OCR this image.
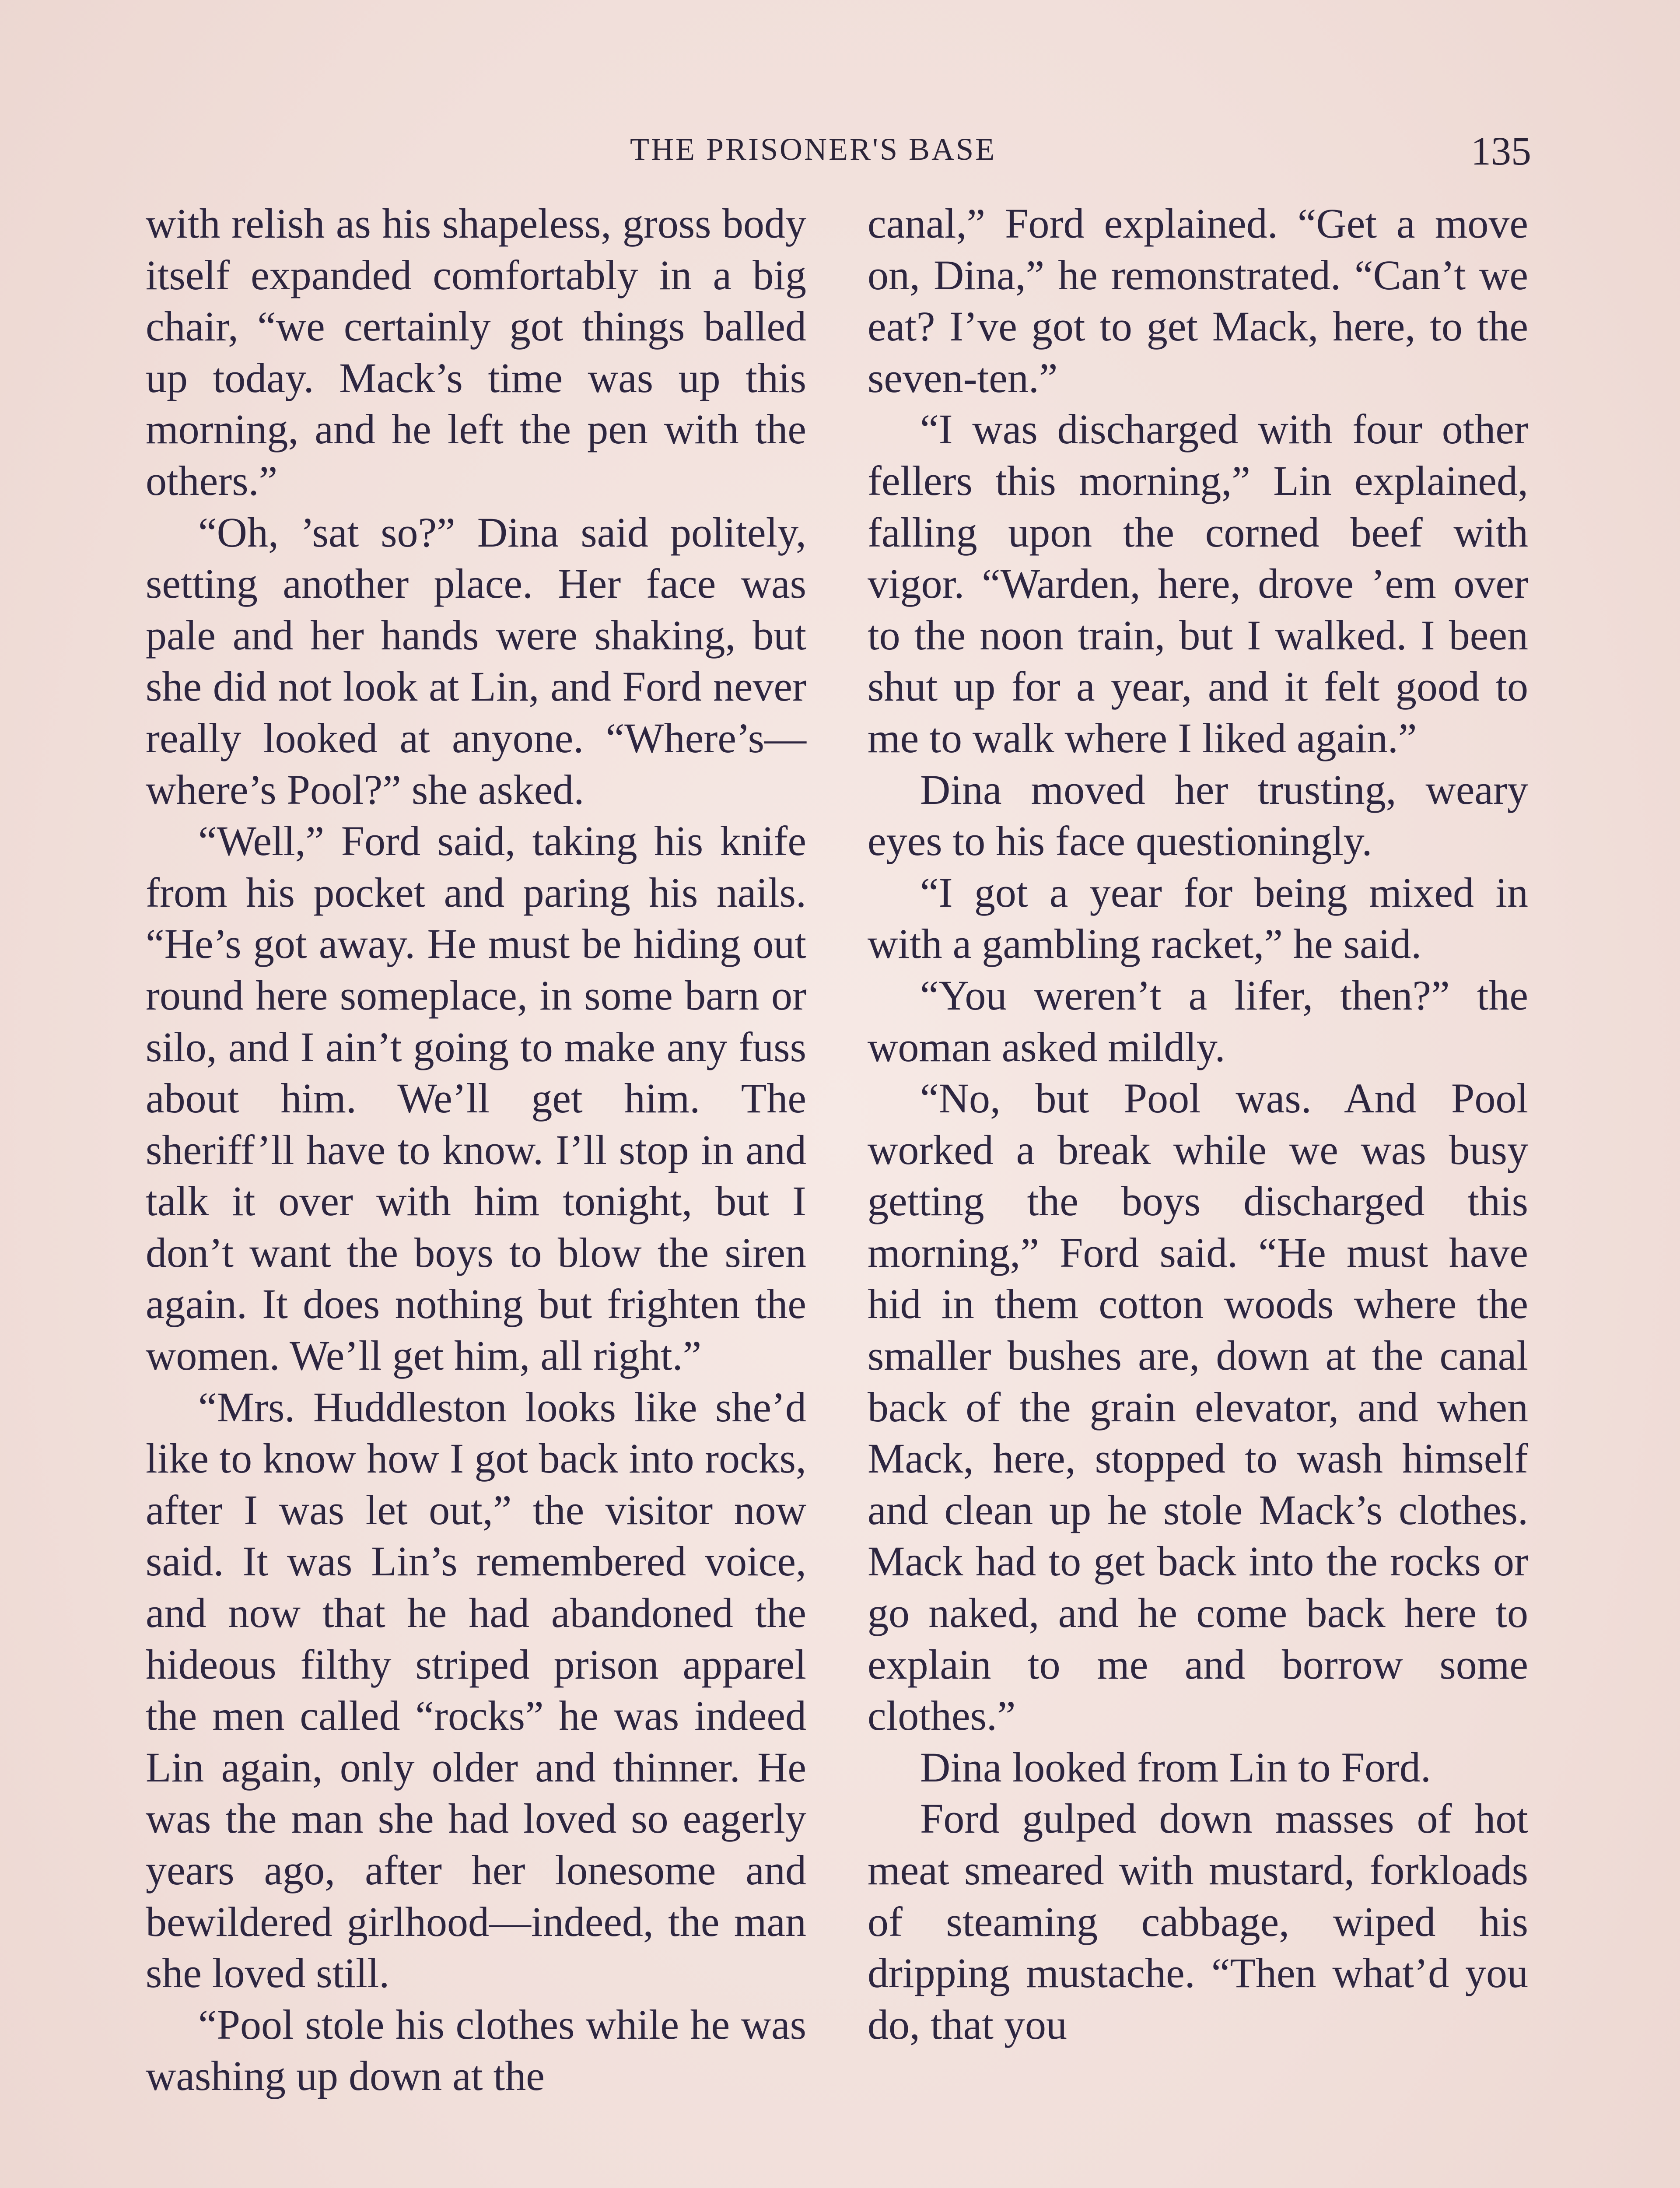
THE PRISONER'S BASE	135

with relish as his shapeless, gross body itself expanded comfortably in a big chair, “we certainly got things balled up today. Mack’s time was up this morning, and he left the pen with the others.”

“Oh, ’sat so?” Dina said politely, setting another place. Her face was pale and her hands were shaking, but she did not look at Lin, and Ford never really looked at anyone. “Where’s—where’s Pool?” she asked.

“Well,” Ford said, taking his knife from his pocket and paring his nails. “He’s got away. He must be hiding out round here someplace, in some barn or silo, and I ain’t going to make any fuss about him. We’ll get him. The sheriff’ll have to know. I’ll stop in and talk it over with him tonight, but I don’t want the boys to blow the siren again. It does nothing but frighten the women. We’ll get him, all right.”

“Mrs. Huddleston looks like she’d like to know how I got back into rocks, after I was let out,” the visitor now said. It was Lin’s remembered voice, and now that he had abandoned the hideous filthy striped prison apparel the men called “rocks” he was indeed Lin again, only older and thinner. He was the man she had loved so eagerly years ago, after her lonesome and bewildered girlhood—indeed, the man she loved still.

“Pool stole his clothes while he was washing up down at the

canal,” Ford explained. “Get a move on, Dina,” he remonstrated. “Can’t we eat? I’ve got to get Mack, here, to the seven-ten.”

“I was discharged with four other fellers this morning,” Lin explained, falling upon the corned beef with vigor. “Warden, here, drove ’em over to the noon train, but I walked. I been shut up for a year, and it felt good to me to walk where I liked again.”

Dina moved her trusting, weary eyes to his face questioningly.

“I got a year for being mixed in with a gambling racket,” he said.

“You weren’t a lifer, then?” the woman asked mildly.

“No, but Pool was. And Pool worked a break while we was busy getting the boys discharged this morning,” Ford said. “He must have hid in them cotton woods where the smaller bushes are, down at the canal back of the grain elevator, and when Mack, here, stopped to wash himself and clean up he stole Mack’s clothes. Mack had to get back into the rocks or go naked, and he come back here to explain to me and borrow some clothes.”

Dina looked from Lin to Ford.

Ford gulped down masses of hot meat smeared with mustard, forkloads of steaming cabbage, wiped his dripping mustache. “Then what’d you do, that you
